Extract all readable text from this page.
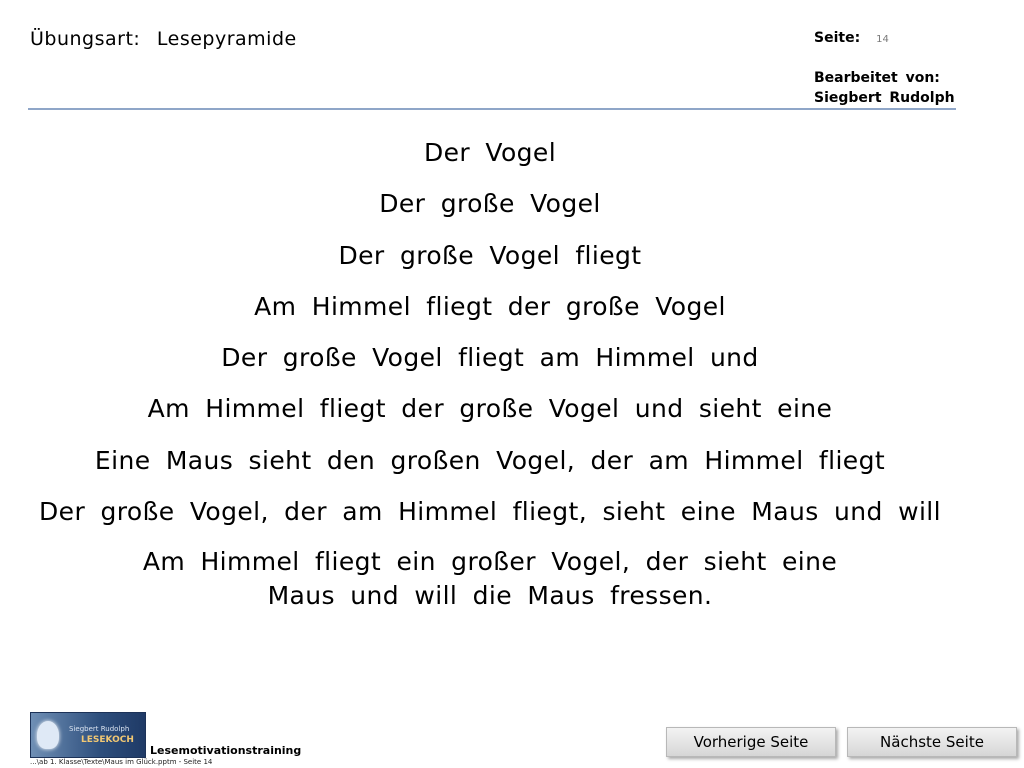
Übungsart: Lesepyramide	Seite: 14
Bearbeitet von:
Siegbert Rudolph
Der Vogel
Der große Vogel
Der große Vogel fliegt
Am Himmel fliegt der große Vogel
Der große Vogel fliegt am Himmel und
Am Himmel fliegt der große Vogel und sieht eine
Eine Maus sieht den großen Vogel, der am Himmel fliegt
Der große Vogel, der am Himmel fliegt, sieht eine Maus und will
Am Himmel fliegt ein großer Vogel, der sieht eine Maus und will die Maus fressen.
Siegbert Rudolph
LESEKOCH
Lesemotivationstraining
...\ab 1. Klasse\Texte\Maus im Glück.pptm - Seite 14
Vorherige Seite	Nächste Seite
